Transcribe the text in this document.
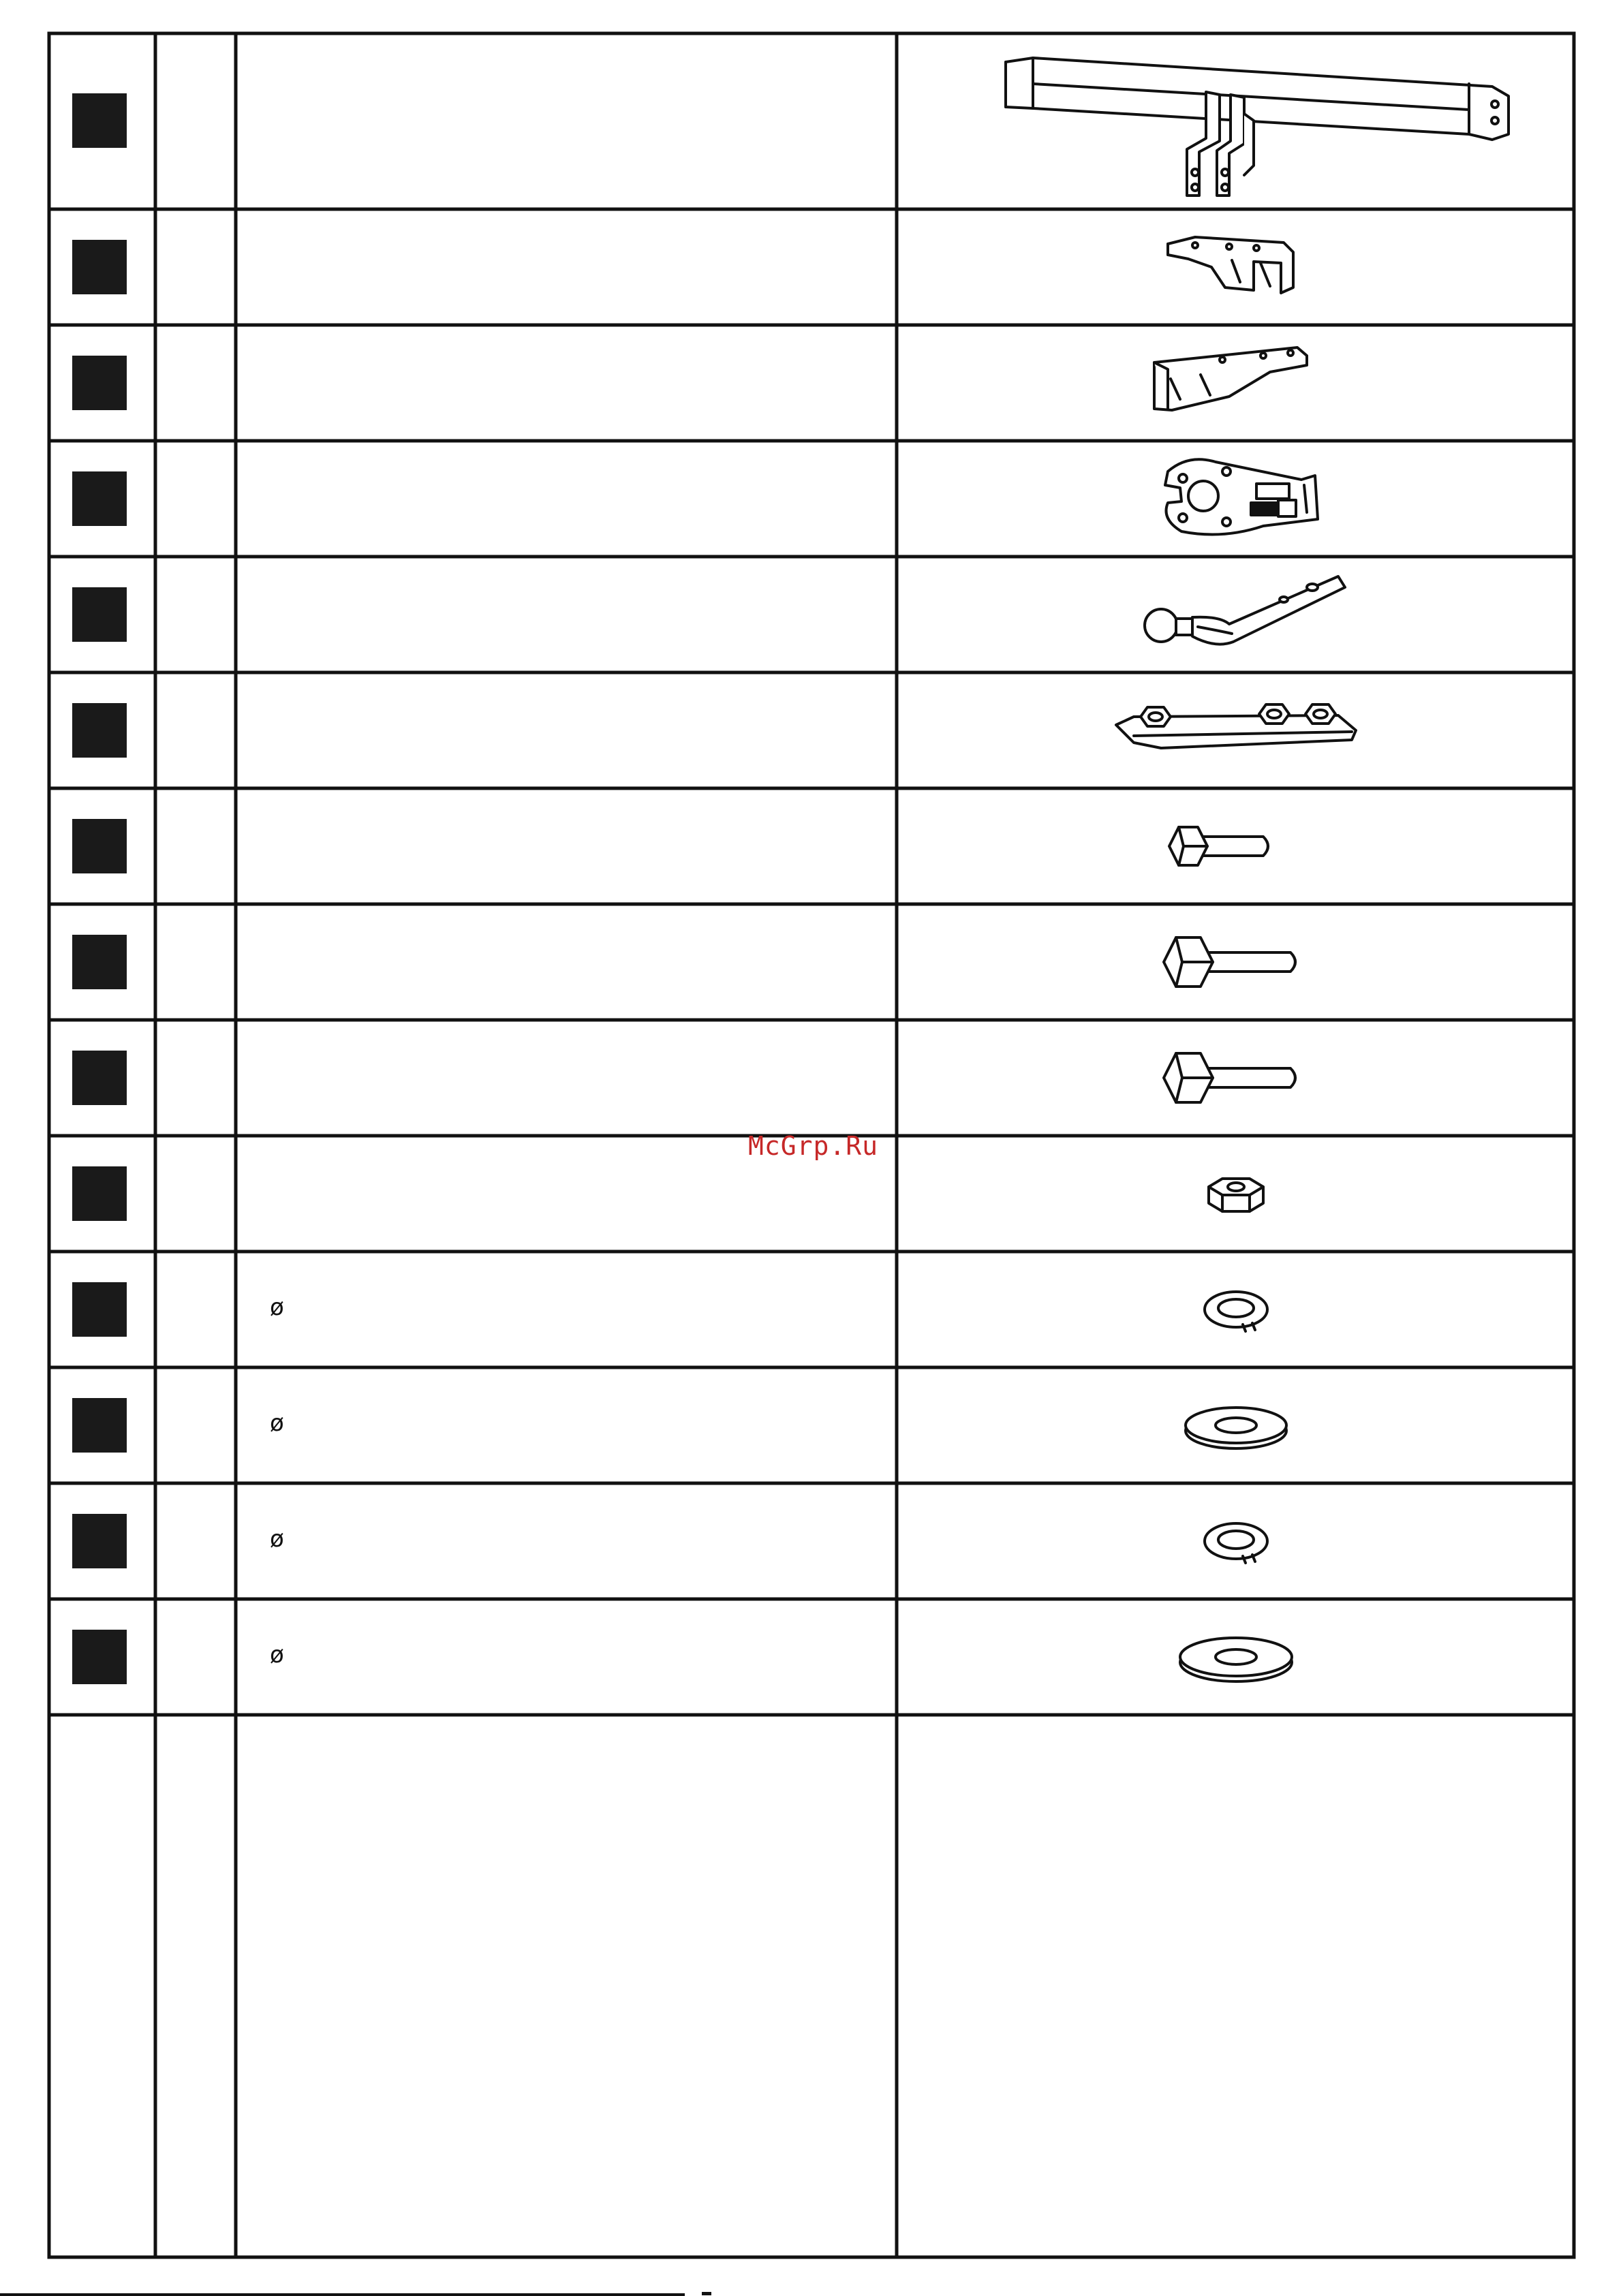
ø
ø
ø
ø
McGrp.Ru
